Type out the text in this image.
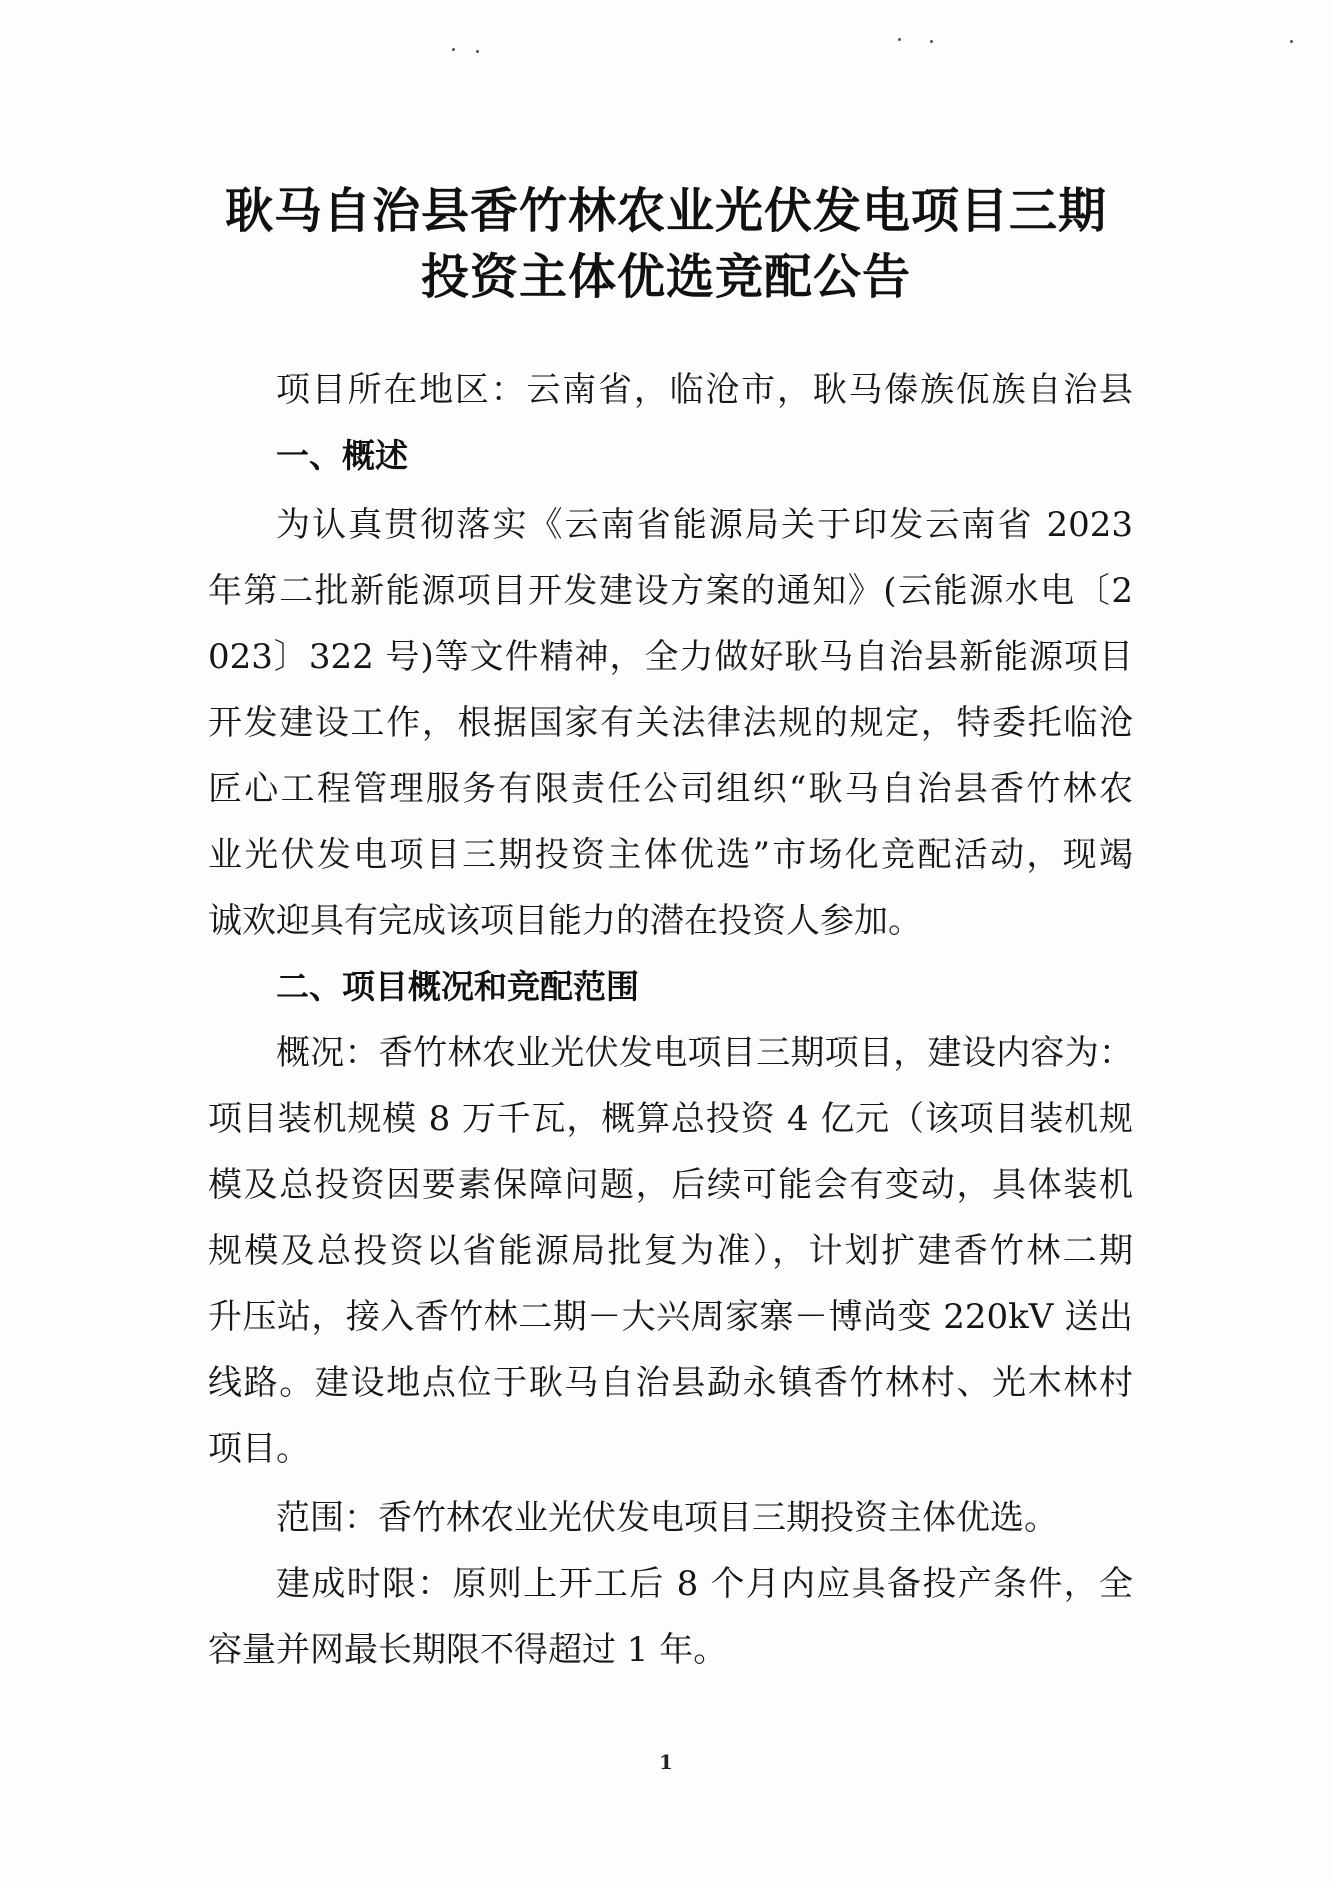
耿马自治县香竹林农业光伏发电项目三期
投资主体优选竞配公告
项目所在地区：云南省，临沧市，耿马傣族佤族自治县
一、概述
为认真贯彻落实《云南省能源局关于印发云南省 2023
年第二批新能源项目开发建设方案的通知》(云能源水电〔2
023〕322 号)等文件精神，全力做好耿马自治县新能源项目
开发建设工作，根据国家有关法律法规的规定，特委托临沧
匠心工程管理服务有限责任公司组织“耿马自治县香竹林农
业光伏发电项目三期投资主体优选”市场化竞配活动，现竭
诚欢迎具有完成该项目能力的潜在投资人参加。
二、项目概况和竞配范围
概况：香竹林农业光伏发电项目三期项目，建设内容为：
项目装机规模 8 万千瓦，概算总投资 4 亿元（该项目装机规
模及总投资因要素保障问题，后续可能会有变动，具体装机
规模及总投资以省能源局批复为准），计划扩建香竹林二期
升压站，接入香竹林二期－大兴周家寨－博尚变 220kV 送出
线路。建设地点位于耿马自治县勐永镇香竹林村、光木林村
项目。
范围：香竹林农业光伏发电项目三期投资主体优选。
建成时限：原则上开工后 8 个月内应具备投产条件，全
容量并网最长期限不得超过 1 年。
1
